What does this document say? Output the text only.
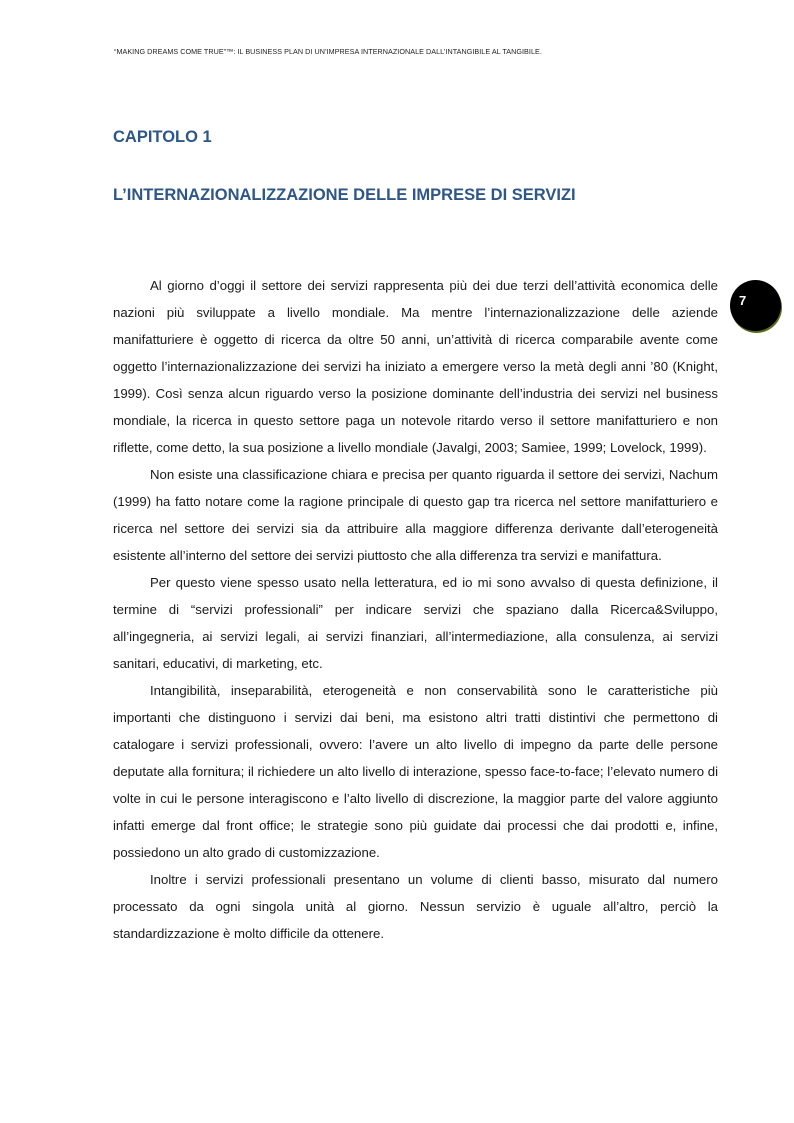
“MAKING DREAMS COME TRUE”™: IL BUSINESS PLAN DI UN’IMPRESA INTERNAZIONALE DALL’INTANGIBILE AL TANGIBILE.
CAPITOLO 1
L’INTERNAZIONALIZZAZIONE DELLE IMPRESE DI SERVIZI
7

Al giorno d’oggi il settore dei servizi rappresenta più dei due terzi dell’attività economica delle nazioni più sviluppate a livello mondiale. Ma mentre l’internazionalizzazione delle aziende manifatturiere è oggetto di ricerca da oltre 50 anni, un’attività di ricerca comparabile avente come oggetto l’internazionalizzazione dei servizi ha iniziato a emergere verso la metà degli anni ’80 (Knight, 1999). Così senza alcun riguardo verso la posizione dominante dell’industria dei servizi nel business mondiale, la ricerca in questo settore paga un notevole ritardo verso il settore manifatturiero e non riflette, come detto, la sua posizione a livello mondiale (Javalgi, 2003; Samiee, 1999; Lovelock, 1999).

Non esiste una classificazione chiara e precisa per quanto riguarda il settore dei servizi, Nachum (1999) ha fatto notare come la ragione principale di questo gap tra ricerca nel settore manifatturiero e ricerca nel settore dei servizi sia da attribuire alla maggiore differenza derivante dall’eterogeneità esistente all’interno del settore dei servizi piuttosto che alla differenza tra servizi e manifattura.

Per questo viene spesso usato nella letteratura, ed io mi sono avvalso di questa definizione, il termine di “servizi professionali” per indicare servizi che spaziano dalla Ricerca&Sviluppo, all’ingegneria, ai servizi legali, ai servizi finanziari, all’intermediazione, alla consulenza, ai servizi sanitari, educativi, di marketing, etc.

Intangibilità, inseparabilità, eterogeneità e non conservabilità sono le caratteristiche più importanti che distinguono i servizi dai beni, ma esistono altri tratti distintivi che permettono di catalogare i servizi professionali, ovvero: l’avere un alto livello di impegno da parte delle persone deputate alla fornitura; il richiedere un alto livello di interazione, spesso face-to-face; l’elevato numero di volte in cui le persone interagiscono e l’alto livello di discrezione, la maggior parte del valore aggiunto infatti emerge dal front office; le strategie sono più guidate dai processi che dai prodotti e, infine, possiedono un alto grado di customizzazione.

Inoltre i servizi professionali presentano un volume di clienti basso, misurato dal numero processato da ogni singola unità al giorno. Nessun servizio è uguale all’altro, perciò la standardizzazione è molto difficile da ottenere.
